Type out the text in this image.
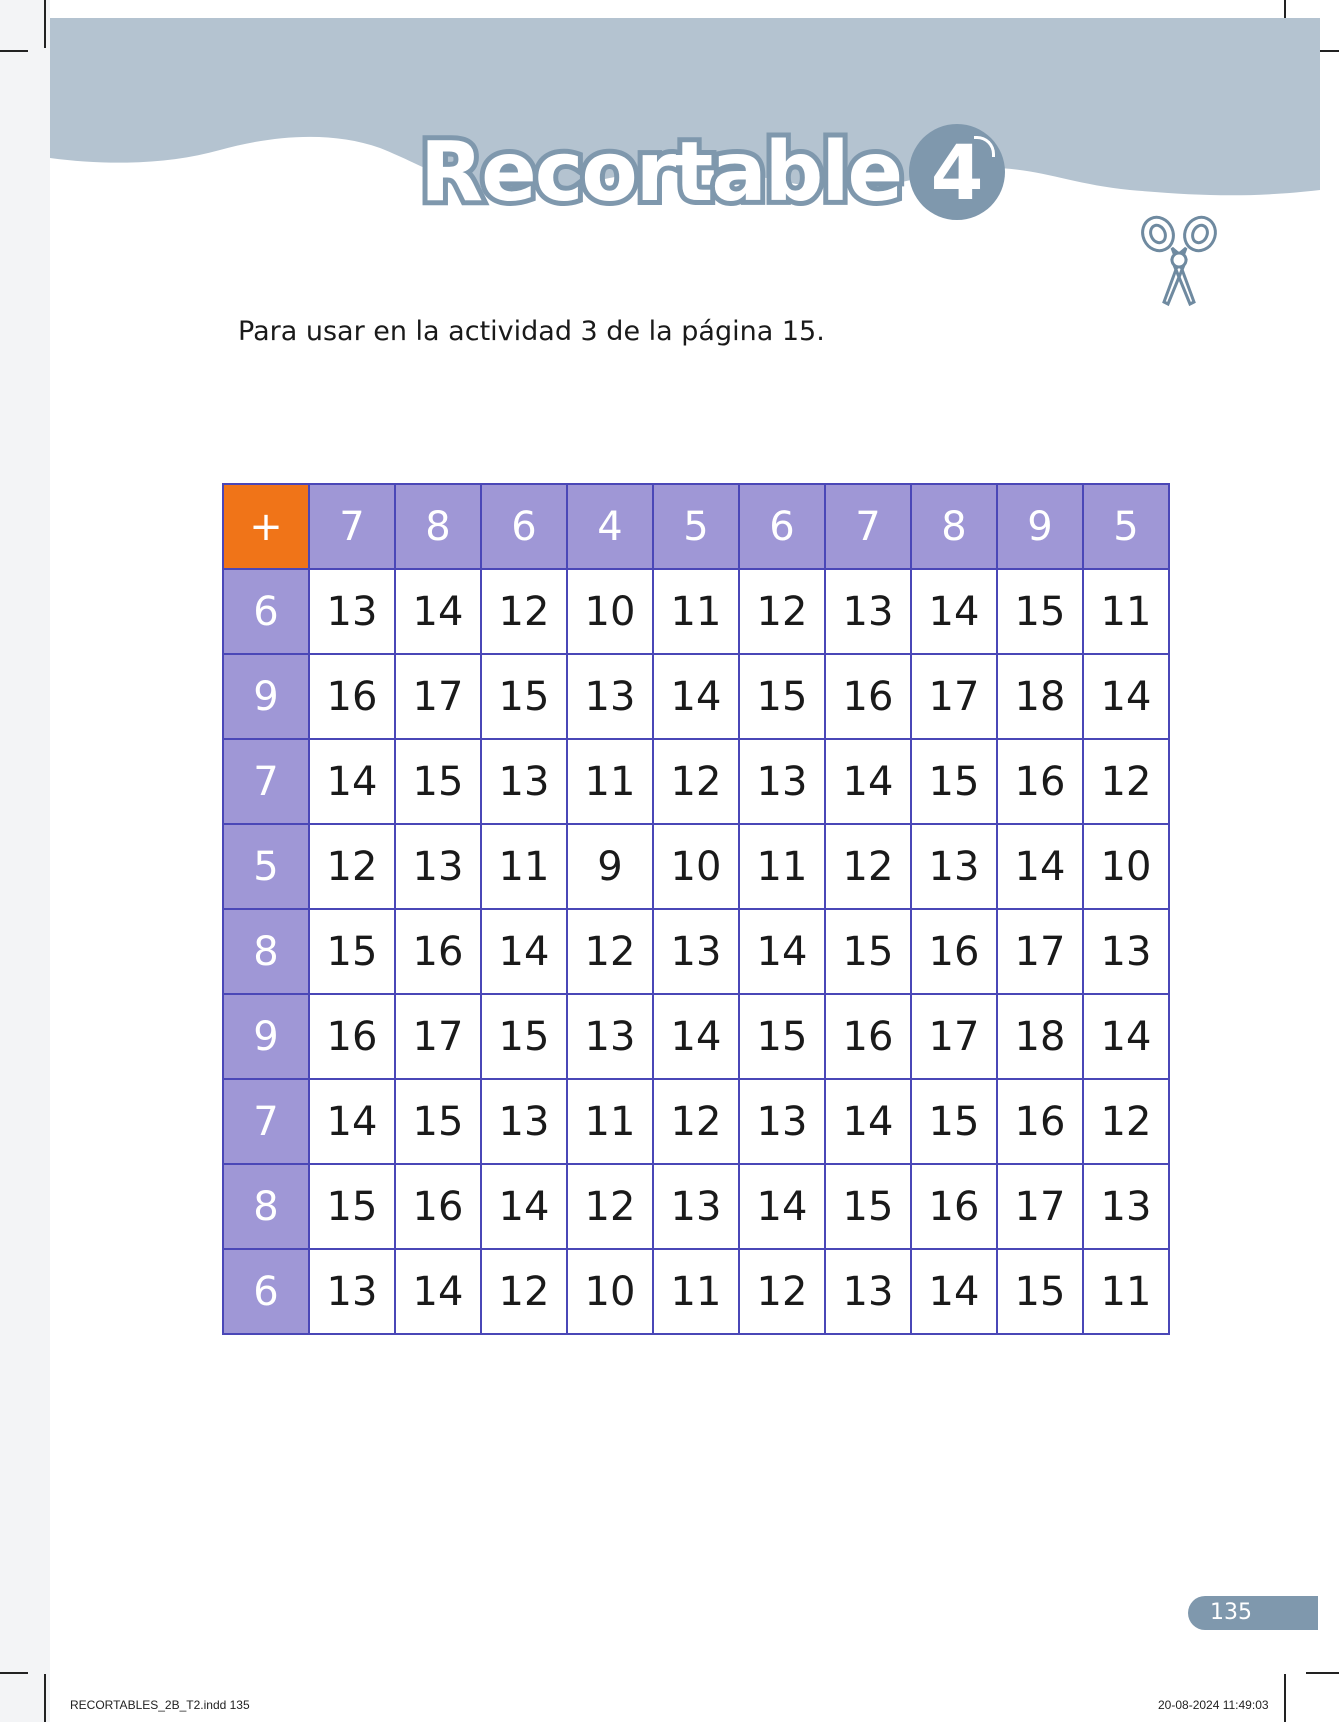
Recortable 4
Para usar en la actividad 3 de la página 15.
+	7	8	6	4	5	6	7	8	9	5
6	13	14	12	10	11	12	13	14	15	11
9	16	17	15	13	14	15	16	17	18	14
7	14	15	13	11	12	13	14	15	16	12
5	12	13	11	9	10	11	12	13	14	10
8	15	16	14	12	13	14	15	16	17	13
9	16	17	15	13	14	15	16	17	18	14
7	14	15	13	11	12	13	14	15	16	12
8	15	16	14	12	13	14	15	16	17	13
6	13	14	12	10	11	12	13	14	15	11
135
RECORTABLES_2B_T2.indd 135	20-08-2024 11:49:03
